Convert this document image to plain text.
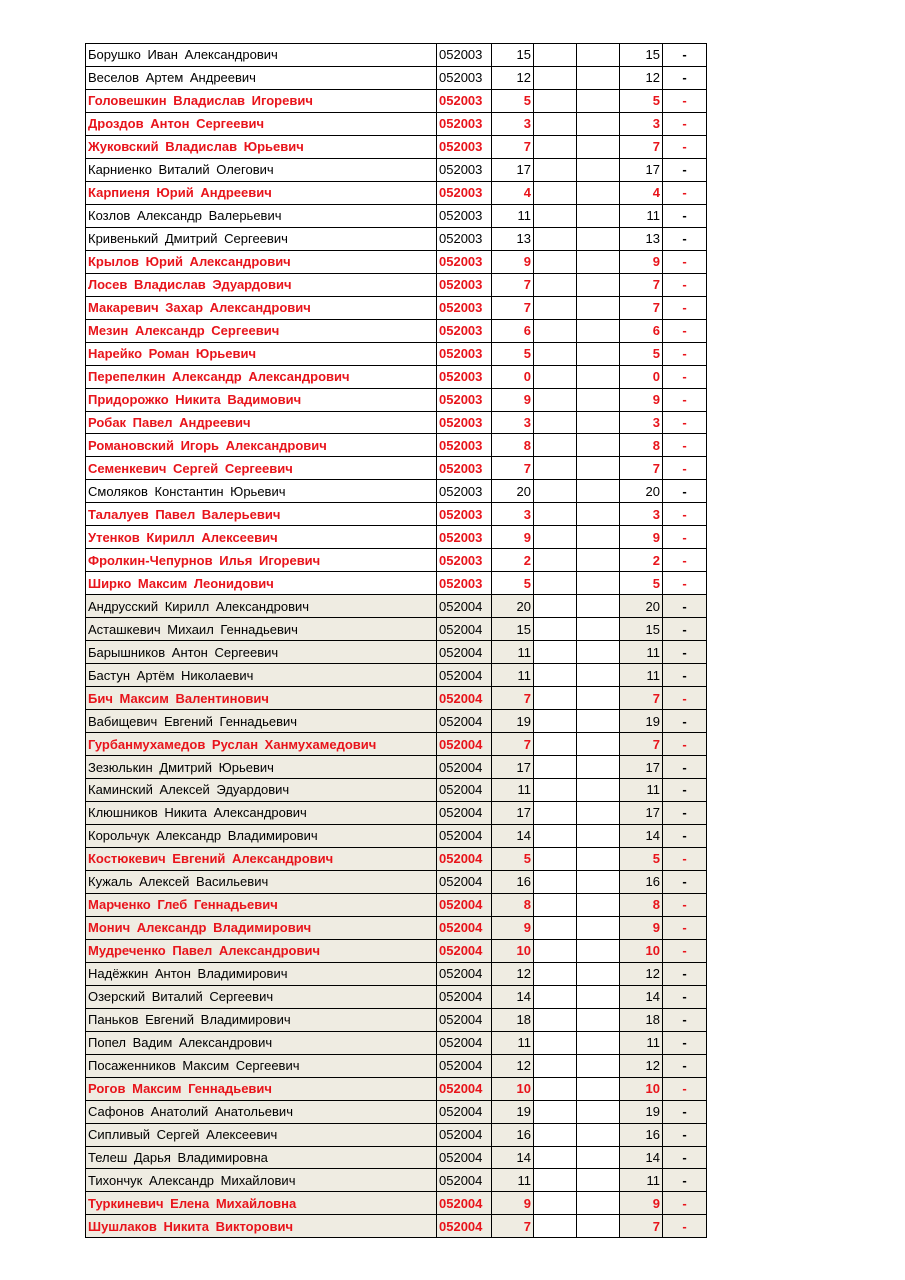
Борушко Иван Александрович	052003	15			15	-
Веселов Артем Андреевич	052003	12			12	-
Головешкин Владислав Игоревич	052003	5			5	-
Дроздов Антон Сергеевич	052003	3			3	-
Жуковский Владислав Юрьевич	052003	7			7	-
Карниенко Виталий Олегович	052003	17			17	-
Карпиеня Юрий Андреевич	052003	4			4	-
Козлов Александр Валерьевич	052003	11			11	-
Кривенький Дмитрий Сергеевич	052003	13			13	-
Крылов Юрий Александрович	052003	9			9	-
Лосев Владислав Эдуардович	052003	7			7	-
Макаревич Захар Александрович	052003	7			7	-
Мезин Александр Сергеевич	052003	6			6	-
Нарейко Роман Юрьевич	052003	5			5	-
Перепелкин Александр Александрович	052003	0			0	-
Придорожко Никита Вадимович	052003	9			9	-
Робак Павел Андреевич	052003	3			3	-
Романовский Игорь Александрович	052003	8			8	-
Семенкевич Сергей Сергеевич	052003	7			7	-
Смоляков Константин Юрьевич	052003	20			20	-
Талалуев Павел Валерьевич	052003	3			3	-
Утенков Кирилл Алексеевич	052003	9			9	-
Фролкин-Чепурнов Илья Игоревич	052003	2			2	-
Ширко Максим Леонидович	052003	5			5	-
Андрусский Кирилл Александрович	052004	20			20	-
Асташкевич Михаил Геннадьевич	052004	15			15	-
Барышников Антон Сергеевич	052004	11			11	-
Бастун Артём Николаевич	052004	11			11	-
Бич Максим Валентинович	052004	7			7	-
Вабищевич Евгений Геннадьевич	052004	19			19	-
Гурбанмухамедов Руслан Ханмухамедович	052004	7			7	-
Зезюлькин Дмитрий Юрьевич	052004	17			17	-
Каминский Алексей Эдуардович	052004	11			11	-
Клюшников Никита Александрович	052004	17			17	-
Корольчук Александр Владимирович	052004	14			14	-
Костюкевич Евгений Александрович	052004	5			5	-
Кужаль Алексей Васильевич	052004	16			16	-
Марченко Глеб Геннадьевич	052004	8			8	-
Монич Александр Владимирович	052004	9			9	-
Мудреченко Павел Александрович	052004	10			10	-
Надёжкин Антон Владимирович	052004	12			12	-
Озерский Виталий Сергеевич	052004	14			14	-
Паньков Евгений Владимирович	052004	18			18	-
Попел Вадим Александрович	052004	11			11	-
Посаженников Максим Сергеевич	052004	12			12	-
Рогов Максим Геннадьевич	052004	10			10	-
Сафонов Анатолий Анатольевич	052004	19			19	-
Сипливый Сергей Алексеевич	052004	16			16	-
Телеш Дарья Владимировна	052004	14			14	-
Тихончук Александр Михайлович	052004	11			11	-
Туркиневич Елена Михайловна	052004	9			9	-
Шушлаков Никита Викторович	052004	7			7	-
